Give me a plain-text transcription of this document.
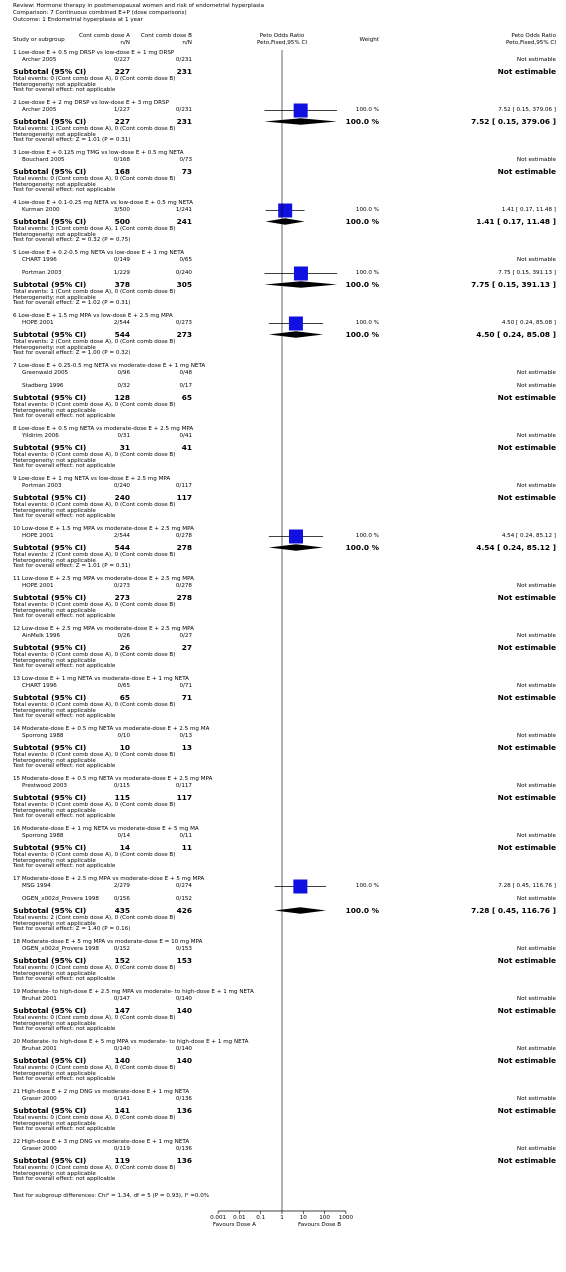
Review: Hormone therapy in postmenopausal women and risk of endometrial hyperplasia
Comparison: 7 Continuous combined E+P (dose comparisons)
Outcome: 1 Endometrial hyperplasia at 1 year
Study or subgroup
Cont comb dose A
n/N
Cont comb dose B
n/N
Peto Odds Ratio
Peto,Fixed,95% CI	Weight
Peto Odds Ratio
Peto,Fixed,95% CI
1 Low-dose E + 0.5 mg DRSP vs low-dose E + 1 mg DRSP
Archer 2005	0/227	0/231	Not estimable
Subtotal (95% CI)	227	231	Not estimable
Total events: 0 (Cont comb dose A), 0 (Cont comb dose B)
Heterogeneity: not applicable
Test for overall effect: not applicable
2 Low-dose E + 2 mg DRSP vs low-dose E + 3 mg DRSP
Archer 2005	1/227	0/231	100.0 %	7.52 [ 0.15, 379.06 ]
Subtotal (95% CI)	227	231	100.0 %	7.52 [ 0.15, 379.06 ]
Total events: 1 (Cont comb dose A), 0 (Cont comb dose B)
Heterogeneity: not applicable
Test for overall effect: Z = 1.01 (P = 0.31)
3 Low-dose E + 0.125 mg TMG vs low-dose E + 0.5 mg NETA
Bouchard 2005	0/168	0/73	Not estimable
Subtotal (95% CI)	168	73	Not estimable
Total events: 0 (Cont comb dose A), 0 (Cont comb dose B)
Heterogeneity: not applicable
Test for overall effect: not applicable
4 Low-dose E + 0.1-0.25 mg NETA vs low-dose E + 0.5 mg NETA
Kurman 2000	3/500	1/241	100.0 %	1.41 [ 0.17, 11.48 ]
Subtotal (95% CI)	500	241	100.0 %	1.41 [ 0.17, 11.48 ]
Total events: 3 (Cont comb dose A), 1 (Cont comb dose B)
Heterogeneity: not applicable
Test for overall effect: Z = 0.32 (P = 0.75)
5 Low-dose E + 0.2-0.5 mg NETA vs low-dose E + 1 mg NETA
CHART 1996	0/149	0/65	Not estimable
Portman 2003	1/229	0/240	100.0 %	7.75 [ 0.15, 391.13 ]
Subtotal (95% CI)	378	305	100.0 %	7.75 [ 0.15, 391.13 ]
Total events: 1 (Cont comb dose A), 0 (Cont comb dose B)
Heterogeneity: not applicable
Test for overall effect: Z = 1.02 (P = 0.31)
6 Low-dose E + 1.5 mg MPA vs low-dose E + 2.5 mg MPA
HOPE 2001	2/544	0/273	100.0 %	4.50 [ 0.24, 85.08 ]
Subtotal (95% CI)	544	273	100.0 %	4.50 [ 0.24, 85.08 ]
Total events: 2 (Cont comb dose A), 0 (Cont comb dose B)
Heterogeneity: not applicable
Test for overall effect: Z = 1.00 (P = 0.32)
7 Low-dose E + 0.25-0.5 mg NETA vs moderate-dose E + 1 mg NETA
Greenwald 2005	0/96	0/48	Not estimable
Stadberg 1996	0/32	0/17	Not estimable
Subtotal (95% CI)	128	65	Not estimable
Total events: 0 (Cont comb dose A), 0 (Cont comb dose B)
Heterogeneity: not applicable
Test for overall effect: not applicable
8 Low-dose E + 0.5 mg NETA vs moderate-dose E + 2.5 mg MPA
Yildirim 2006	0/31	0/41	Not estimable
Subtotal (95% CI)	31	41	Not estimable
Total events: 0 (Cont comb dose A), 0 (Cont comb dose B)
Heterogeneity: not applicable
Test for overall effect: not applicable
9 Low-dose E + 1 mg NETA vs low-dose E + 2.5 mg MPA
Portman 2003	0/240	0/117	Not estimable
Subtotal (95% CI)	240	117	Not estimable
Total events: 0 (Cont comb dose A), 0 (Cont comb dose B)
Heterogeneity: not applicable
Test for overall effect: not applicable
10 Low-dose E + 1.5 mg MPA vs moderate-dose E + 2.5 mg MPA
HOPE 2001	2/544	0/278	100.0 %	4.54 [ 0.24, 85.12 ]
Subtotal (95% CI)	544	278	100.0 %	4.54 [ 0.24, 85.12 ]
Total events: 2 (Cont comb dose A), 0 (Cont comb dose B)
Heterogeneity: not applicable
Test for overall effect: Z = 1.01 (P = 0.31)
11 Low-dose E + 2.5 mg MPA vs moderate-dose E + 2.5 mg MPA
HOPE 2001	0/273	0/278	Not estimable
Subtotal (95% CI)	273	278	Not estimable
Total events: 0 (Cont comb dose A), 0 (Cont comb dose B)
Heterogeneity: not applicable
Test for overall effect: not applicable
12 Low-dose E + 2.5 mg MPA vs moderate-dose E + 2.5 mg MPA
AinMelk 1996	0/26	0/27	Not estimable
Subtotal (95% CI)	26	27	Not estimable
Total events: 0 (Cont comb dose A), 0 (Cont comb dose B)
Heterogeneity: not applicable
Test for overall effect: not applicable
13 Low-dose E + 1 mg NETA vs moderate-dose E + 1 mg NETA
CHART 1996	0/65	0/71	Not estimable
Subtotal (95% CI)	65	71	Not estimable
Total events: 0 (Cont comb dose A), 0 (Cont comb dose B)
Heterogeneity: not applicable
Test for overall effect: not applicable
14 Moderate-dose E + 0.5 mg NETA vs moderate-dose E + 2.5 mg MA
Sporrong 1988	0/10	0/13	Not estimable
Subtotal (95% CI)	10	13	Not estimable
Total events: 0 (Cont comb dose A), 0 (Cont comb dose B)
Heterogeneity: not applicable
Test for overall effect: not applicable
15 Moderate-dose E + 0.5 mg NETA vs moderate-dose E + 2.5 mg MPA
Prestwood 2003	0/115	0/117	Not estimable
Subtotal (95% CI)	115	117	Not estimable
Total events: 0 (Cont comb dose A), 0 (Cont comb dose B)
Heterogeneity: not applicable
Test for overall effect: not applicable
16 Moderate-dose E + 1 mg NETA vs moderate-dose E + 5 mg MA
Sporrong 1988	0/14	0/11	Not estimable
Subtotal (95% CI)	14	11	Not estimable
Total events: 0 (Cont comb dose A), 0 (Cont comb dose B)
Heterogeneity: not applicable
Test for overall effect: not applicable
17 Moderate-dose E + 2.5 mg MPA vs moderate-dose E + 5 mg MPA
MSG 1994	2/279	0/274	100.0 %	7.28 [ 0.45, 116.76 ]
OGEN_x002d_Provera 1998	0/156	0/152	Not estimable
Subtotal (95% CI)	435	426	100.0 %	7.28 [ 0.45, 116.76 ]
Total events: 2 (Cont comb dose A), 0 (Cont comb dose B)
Heterogeneity: not applicable
Test for overall effect: Z = 1.40 (P = 0.16)
18 Moderate-dose E + 5 mg MPA vs moderate-dose E = 10 mg MPA
OGEN_x002d_Provera 1998	0/152	0/153	Not estimable
Subtotal (95% CI)	152	153	Not estimable
Total events: 0 (Cont comb dose A), 0 (Cont comb dose B)
Heterogeneity: not applicable
Test for overall effect: not applicable
19 Moderate- to high-dose E + 2.5 mg MPA vs moderate- to high-dose E + 1 mg NETA
Bruhat 2001	0/147	0/140	Not estimable
Subtotal (95% CI)	147	140	Not estimable
Total events: 0 (Cont comb dose A), 0 (Cont comb dose B)
Heterogeneity: not applicable
Test for overall effect: not applicable
20 Moderate- to high-dose E + 5 mg MPA vs moderate- to high-dose E + 1 mg NETA
Bruhat 2001	0/140	0/140	Not estimable
Subtotal (95% CI)	140	140	Not estimable
Total events: 0 (Cont comb dose A), 0 (Cont comb dose B)
Heterogeneity: not applicable
Test for overall effect: not applicable
21 High-dose E + 2 mg DNG vs moderate-dose E + 1 mg NETA
Graser 2000	0/141	0/136	Not estimable
Subtotal (95% CI)	141	136	Not estimable
Total events: 0 (Cont comb dose A), 0 (Cont comb dose B)
Heterogeneity: not applicable
Test for overall effect: not applicable
22 High-dose E + 3 mg DNG vs moderate-dose E + 1 mg NETA
Graser 2000	0/119	0/136	Not estimable
Subtotal (95% CI)	119	136	Not estimable
Total events: 0 (Cont comb dose A), 0 (Cont comb dose B)
Heterogeneity: not applicable
Test for overall effect: not applicable
0.001	0.01	0.1	1	10	100	1000
Test for subgroup differences: Chi² = 1.34, df = 5 (P = 0.93), I² =0.0%
Favours Dose A	Favours Dose B
